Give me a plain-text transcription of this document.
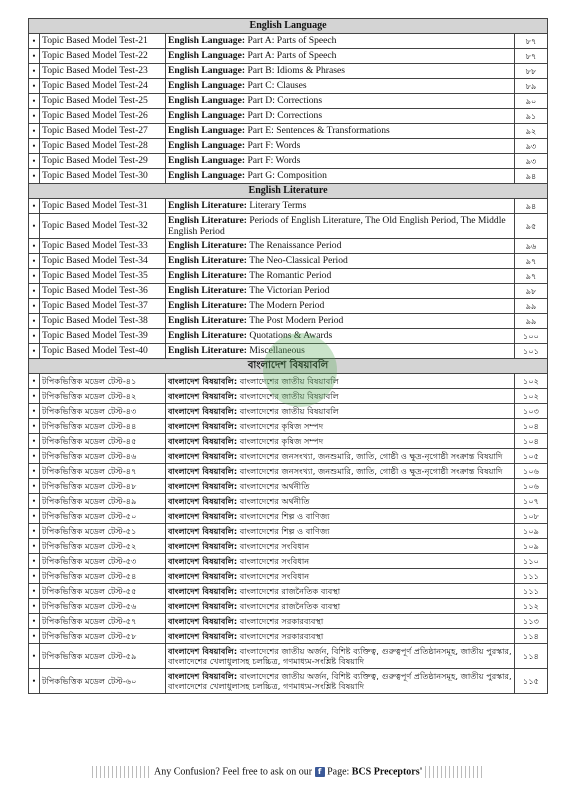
English Language			
•	Topic Based Model Test-21	English Language: Part A: Parts of Speech	৮৭
•	Topic Based Model Test-22	English Language: Part A: Parts of Speech	৮৭
•	Topic Based Model Test-23	English Language: Part B: Idioms & Phrases	৮৮
•	Topic Based Model Test-24	English Language: Part C: Clauses	৮৯
•	Topic Based Model Test-25	English Language: Part D: Corrections	৯০
•	Topic Based Model Test-26	English Language: Part D: Corrections	৯১
•	Topic Based Model Test-27	English Language: Part E: Sentences & Transformations	৯২
•	Topic Based Model Test-28	English Language: Part F: Words	৯৩
•	Topic Based Model Test-29	English Language: Part F: Words	৯৩
•	Topic Based Model Test-30	English Language: Part G: Composition	৯৪
English Literature			
•	Topic Based Model Test-31	English Literature: Literary Terms	৯৪
•	Topic Based Model Test-32	English Literature: Periods of English Literature, The Old English Period, The Middle English Period	৯৫
•	Topic Based Model Test-33	English Literature: The Renaissance Period	৯৬
•	Topic Based Model Test-34	English Literature: The Neo-Classical Period	৯৭
•	Topic Based Model Test-35	English Literature: The Romantic Period	৯৭
•	Topic Based Model Test-36	English Literature: The Victorian Period	৯৮
•	Topic Based Model Test-37	English Literature: The Modern Period	৯৯
•	Topic Based Model Test-38	English Literature: The Post Modern Period	৯৯
•	Topic Based Model Test-39	English Literature: Quotations & Awards	১০০
•	Topic Based Model Test-40	English Literature: Miscellaneous	১০১
বাংলাদেশ বিষয়াবলি			
•	টপিকভিত্তিক মডেল টেস্ট-৪১	বাংলাদেশ বিষয়াবলি: বাংলাদেশের জাতীয় বিষয়াবলি	১০২
•	টপিকভিত্তিক মডেল টেস্ট-৪২	বাংলাদেশ বিষয়াবলি: বাংলাদেশের জাতীয় বিষয়াবলি	১০২
•	টপিকভিত্তিক মডেল টেস্ট-৪৩	বাংলাদেশ বিষয়াবলি: বাংলাদেশের জাতীয় বিষয়াবলি	১০৩
•	টপিকভিত্তিক মডেল টেস্ট-৪৪	বাংলাদেশ বিষয়াবলি: বাংলাদেশের কৃষিজ সম্পদ	১০৪
•	টপিকভিত্তিক মডেল টেস্ট-৪৫	বাংলাদেশ বিষয়াবলি: বাংলাদেশের কৃষিজ সম্পদ	১০৪
•	টপিকভিত্তিক মডেল টেস্ট-৪৬	বাংলাদেশ বিষয়াবলি: বাংলাদেশের জনসংখ্যা, জনশুমারি, জাতি, গোষ্ঠী ও ক্ষুদ্র-নৃগোষ্ঠী সংক্রান্ত বিষয়াদি	১০৫
•	টপিকভিত্তিক মডেল টেস্ট-৪৭	বাংলাদেশ বিষয়াবলি: বাংলাদেশের জনসংখ্যা, জনশুমারি, জাতি, গোষ্ঠী ও ক্ষুদ্র-নৃগোষ্ঠী সংক্রান্ত বিষয়াদি	১০৬
•	টপিকভিত্তিক মডেল টেস্ট-৪৮	বাংলাদেশ বিষয়াবলি: বাংলাদেশের অর্থনীতি	১০৬
•	টপিকভিত্তিক মডেল টেস্ট-৪৯	বাংলাদেশ বিষয়াবলি: বাংলাদেশের অর্থনীতি	১০৭
•	টপিকভিত্তিক মডেল টেস্ট-৫০	বাংলাদেশ বিষয়াবলি: বাংলাদেশের শিল্প ও বাণিজ্য	১০৮
•	টপিকভিত্তিক মডেল টেস্ট-৫১	বাংলাদেশ বিষয়াবলি: বাংলাদেশের শিল্প ও বাণিজ্য	১০৯
•	টপিকভিত্তিক মডেল টেস্ট-৫২	বাংলাদেশ বিষয়াবলি: বাংলাদেশের সংবিধান	১০৯
•	টপিকভিত্তিক মডেল টেস্ট-৫৩	বাংলাদেশ বিষয়াবলি: বাংলাদেশের সংবিধান	১১০
•	টপিকভিত্তিক মডেল টেস্ট-৫৪	বাংলাদেশ বিষয়াবলি: বাংলাদেশের সংবিধান	১১১
•	টপিকভিত্তিক মডেল টেস্ট-৫৫	বাংলাদেশ বিষয়াবলি: বাংলাদেশের রাজনৈতিক ব্যবস্থা	১১১
•	টপিকভিত্তিক মডেল টেস্ট-৫৬	বাংলাদেশ বিষয়াবলি: বাংলাদেশের রাজনৈতিক ব্যবস্থা	১১২
•	টপিকভিত্তিক মডেল টেস্ট-৫৭	বাংলাদেশ বিষয়াবলি: বাংলাদেশের সরকারব্যবস্থা	১১৩
•	টপিকভিত্তিক মডেল টেস্ট-৫৮	বাংলাদেশ বিষয়াবলি: বাংলাদেশের সরকারব্যবস্থা	১১৪
•	টপিকভিত্তিক মডেল টেস্ট-৫৯	বাংলাদেশ বিষয়াবলি: বাংলাদেশের জাতীয় অর্জন, বিশিষ্ট ব্যক্তিত্ব, গুরুত্বপূর্ণ প্রতিষ্ঠানসমূহ, জাতীয় পুরস্কার, বাংলাদেশের খেলাধুলাসহ চলচ্চিত্র, গণমাধ্যম-সংশ্লিষ্ট বিষয়াদি	১১৪
•	টপিকভিত্তিক মডেল টেস্ট-৬০	বাংলাদেশ বিষয়াবলি: বাংলাদেশের জাতীয় অর্জন, বিশিষ্ট ব্যক্তিত্ব, গুরুত্বপূর্ণ প্রতিষ্ঠানসমূহ, জাতীয় পুরস্কার, বাংলাদেশের খেলাধুলাসহ চলচ্চিত্র, গণমাধ্যম-সংশ্লিষ্ট বিষয়াদি	১১৫
Any Confusion? Feel free to ask on our f Page: BCS Preceptors'
